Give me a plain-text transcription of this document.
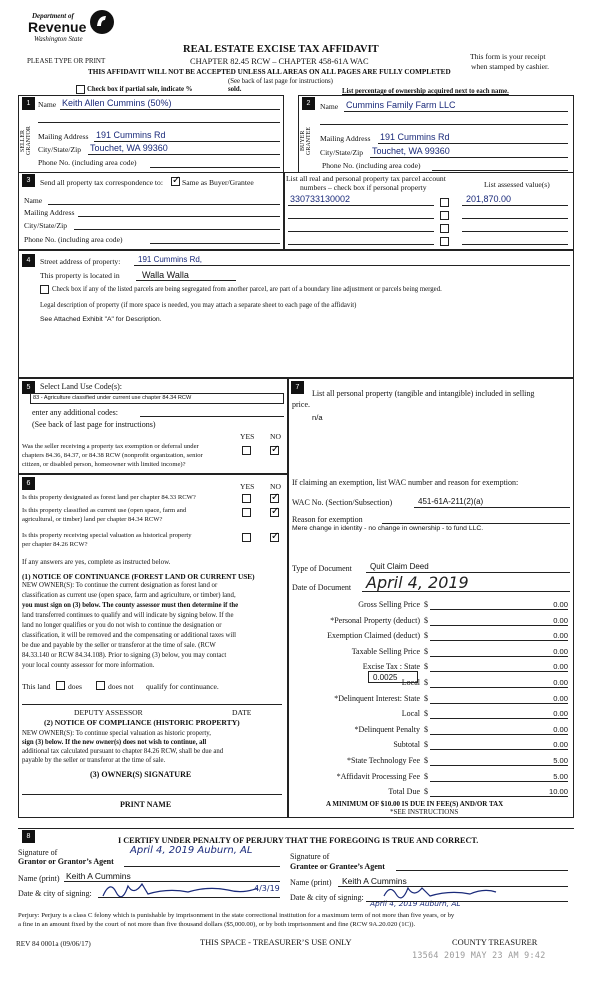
Department of
Revenue
Washington State
PLEASE TYPE OR PRINT
REAL ESTATE EXCISE TAX AFFIDAVIT
CHAPTER 82.45 RCW – CHAPTER 458-61A WAC
THIS AFFIDAVIT WILL NOT BE ACCEPTED UNLESS ALL AREAS ON ALL PAGES ARE FULLY COMPLETED
This form is your receipt
when stamped by cashier.
Check box if partial sale, indicate %	sold.
(See back of last page for instructions)
List percentage of ownership acquired next to each name.
1	2
SELLER GRANTOR	BUYER GRANTEE
Name Keith Allen Cummins (50%)
Mailing Address 191 Cummins Rd
City/State/Zip Touchet, WA 99360
Phone No. (including area code)
Name Cummins Family Farm LLC
Mailing Address 191 Cummins Rd
City/State/Zip Touchet, WA 99360
Phone No. (including area code)
3	Send all property tax correspondence to:
✓	Same as Buyer/Grantee	List all real and personal property tax parcel account
numbers – check box if personal property	List assessed value(s)
Name
Mailing Address
City/State/Zip
Phone No. (including area code)
330733130002	201,870.00
4	Street address of property: 191 Cummins Rd,
This property is located in Walla Walla
Check box if any of the listed parcels are being segregated from another parcel, are part of a boundary line adjustment or parcels being merged.
Legal description of property (if more space is needed, you may attach a separate sheet to each page of the affidavit)
See Attached Exhibit "A" for Description.
5	Select Land Use Code(s):
83 - Agriculture classified under current use chapter 84.34 RCW
enter any additional codes:
(See back of last page for instructions)
YES NO
Was the seller receiving a property tax exemption or deferral under
chapters 84.36, 84.37, or 84.38 RCW (nonprofit organization, senior
citizen, or disabled person, homeowner with limited income)?
✓
6	YES NO
Is this property designated as forest land per chapter 84.33 RCW?
✓
Is this property classified as current use (open space, farm and
agricultural, or timber) land per chapter 84.34 RCW?
✓
Is this property receiving special valuation as historical property
per chapter 84.26 RCW?
✓
If any answers are yes, complete as instructed below.
(1) NOTICE OF CONTINUANCE (FOREST LAND OR CURRENT USE)
NEW OWNER(S): To continue the current designation as forest land or
classification as current use (open space, farm and agriculture, or timber) land,
you must sign on (3) below. The county assessor must then determine if the
land transferred continues to qualify and will indicate by signing below. If the
land no longer qualifies or you do not wish to continue the designation or
classification, it will be removed and the compensating or additional taxes will
be due and payable by the seller or transferor at the time of sale. (RCW
84.33.140 or RCW 84.34.108). Prior to signing (3) below, you may contact
your local county assessor for more information.
This land does	does not qualify for continuance.
DEPUTY ASSESSOR	DATE
(2) NOTICE OF COMPLIANCE (HISTORIC PROPERTY)
NEW OWNER(S): To continue special valuation as historic property,
sign (3) below. If the new owner(s) does not wish to continue, all
additional tax calculated pursuant to chapter 84.26 RCW, shall be due and
payable by the seller or transferor at the time of sale.
(3) OWNER(S) SIGNATURE
PRINT NAME
7
List all personal property (tangible and intangible) included in selling
price.
n/a
If claiming an exemption, list WAC number and reason for exemption:
WAC No. (Section/Subsection)	451-61A-211(2)(a)
Reason for exemption
Mere change in identity - no change in ownership - to fund LLC.
Type of Document Quit Claim Deed
Date of Document April 4, 2019
Gross Selling Price $	0.00
*Personal Property (deduct) $	0.00
Exemption Claimed (deduct) $	0.00
Taxable Selling Price $	0.00
Excise Tax : State $	0.00
Local $	0.00
*Delinquent Interest: State $	0.00
Local $	0.00
*Delinquent Penalty $	0.00
Subtotal $	0.00
*State Technology Fee $	5.00
*Affidavit Processing Fee $	5.00
Total Due $	10.00
0.0025
A MINIMUM OF $10.00 IS DUE IN FEE(S) AND/OR TAX
*SEE INSTRUCTIONS
8	I CERTIFY UNDER PENALTY OF PERJURY THAT THE FOREGOING IS TRUE AND CORRECT.
Signature of
Grantor or Grantor’s Agent
April 4, 2019 Auburn, AL
Name (print) Keith A Cummins
Date & city of signing:
4/3/19
Signature of
Grantee or Grantee’s Agent
Name (print) Keith A Cummins
Date & city of signing:
April 4, 2019 Auburn, AL
Perjury: Perjury is a class C felony which is punishable by imprisonment in the state correctional institution for a maximum term of not more than five years, or by
a fine in an amount fixed by the court of not more than five thousand dollars ($5,000.00), or by both imprisonment and fine (RCW 9A.20.020 (1C)).
REV 84 0001a (09/06/17)	THIS SPACE - TREASURER’S USE ONLY	COUNTY TREASURER
13564 2019 MAY 23 AM 9:42
